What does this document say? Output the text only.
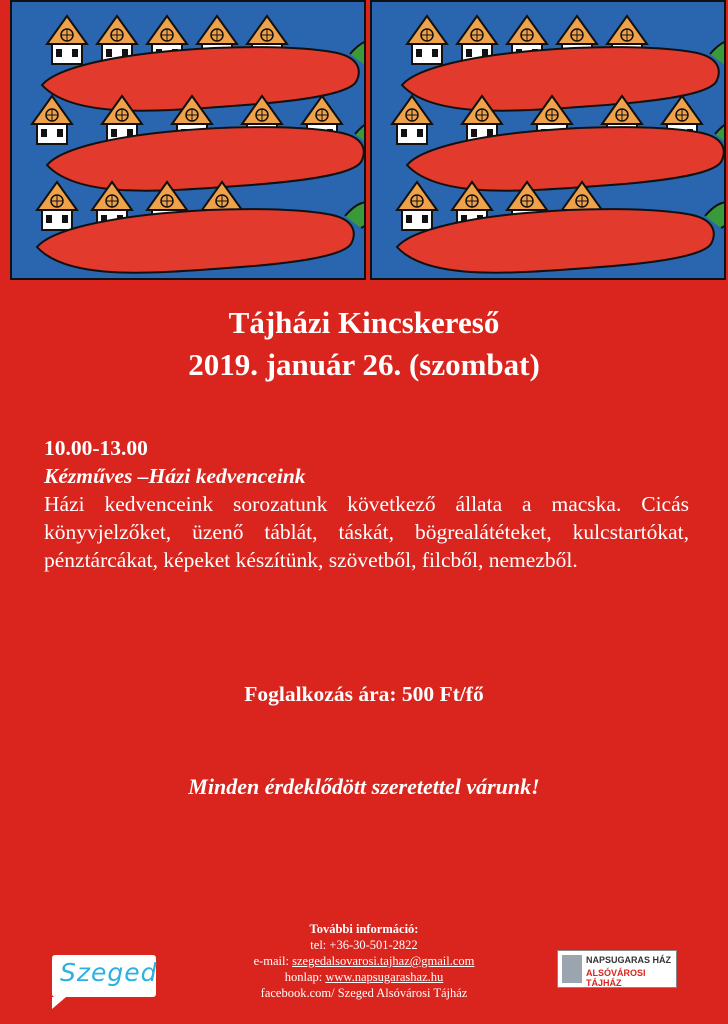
Tájházi Kincskereső
2019. január 26. (szombat)
10.00-13.00
Kézműves –Házi kedvenceink
Házi kedvenceink sorozatunk következő állata a macska. Cicás könyvjelzőket, üzenő táblát, táskát, bögrealátéteket, kulcstartókat, pénztárcákat, képeket készítünk, szövetből, filcből, nemezből.
Foglalkozás ára: 500 Ft/fő
Minden érdeklődött szeretettel várunk!
További információ:
tel: +36-30-501-2822
e-mail: szegedalsovarosi.tajhaz@gmail.com
honlap: www.napsugarashaz.hu
facebook.com/ Szeged Alsóvárosi Tájház
Szeged	NAPSUGARAS HÁZ
ALSÓVÁROSI TÁJHÁZ
